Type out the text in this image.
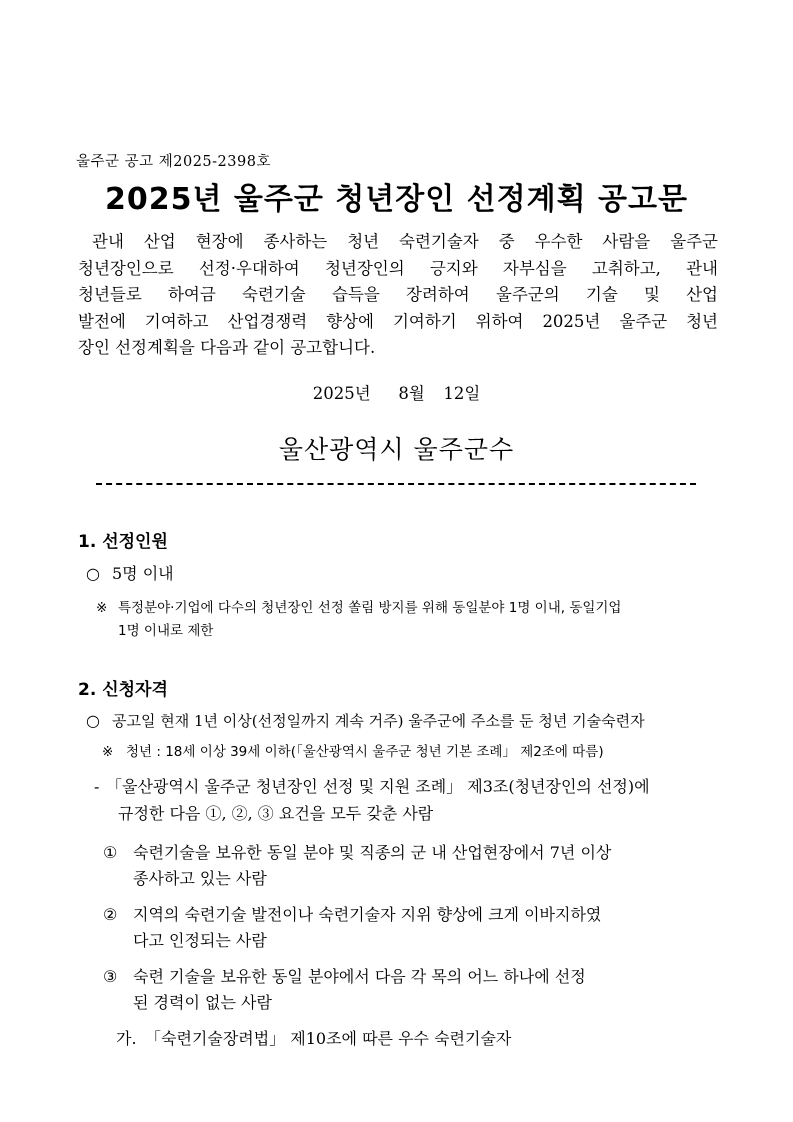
울주군 공고 제2025-2398호
2025년 울주군 청년장인 선정계획 공고문
관내 산업 현장에 종사하는 청년 숙련기술자 중 우수한 사람을 울주군
청년장인으로 선정·우대하여 청년장인의 긍지와 자부심을 고취하고, 관내
청년들로 하여금 숙련기술 습득을 장려하여 울주군의 기술 및 산업
발전에 기여하고 산업경쟁력 향상에 기여하기 위하여 2025년 울주군 청년
장인 선정계획을 다음과 같이 공고합니다.
2025년   8월  12일
울산광역시 울주군수
1. 선정인원
○ 5명 이내
※ 특정분야·기업에 다수의 청년장인 선정 쏠림 방지를 위해 동일분야 1명 이내, 동일기업
1명 이내로 제한
2. 신청자격
○ 공고일 현재 1년 이상(선정일까지 계속 거주) 울주군에 주소를 둔 청년 기술숙련자
※ 청년 : 18세 이상 39세 이하(「울산광역시 울주군 청년 기본 조례」 제2조에 따름)
- 「울산광역시 울주군 청년장인 선정 및 지원 조례」 제3조(청년장인의 선정)에
규정한 다음 ①, ②, ③ 요건을 모두 갖춘 사람
① 숙련기술을 보유한 동일 분야 및 직종의 군 내 산업현장에서 7년 이상
종사하고 있는 사람
② 지역의 숙련기술 발전이나 숙련기술자 지위 향상에 크게 이바지하였
다고 인정되는 사람
③ 숙련 기술을 보유한 동일 분야에서 다음 각 목의 어느 하나에 선정
된 경력이 없는 사람
가. 「숙련기술장려법」 제10조에 따른 우수 숙련기술자
